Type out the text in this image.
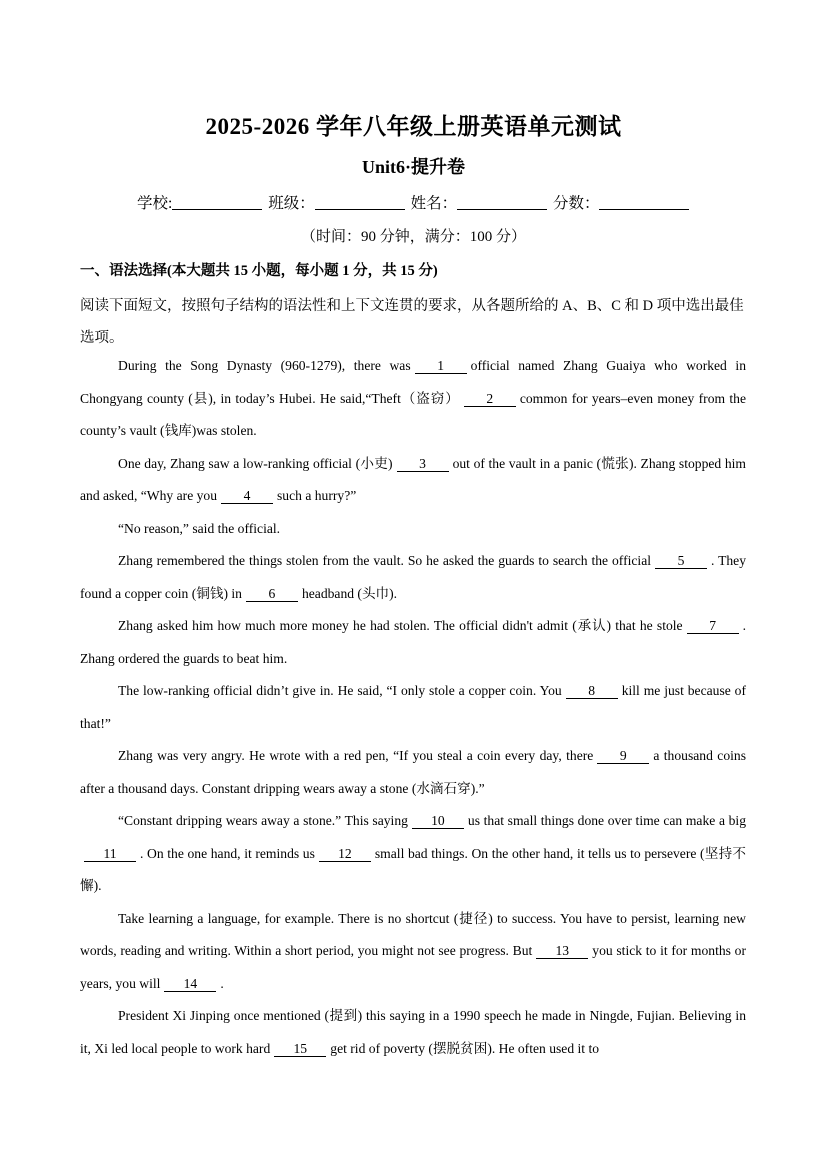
2025-2026 学年八年级上册英语单元测试
Unit6·提升卷
学校:	班级：	姓名：	分数：
（时间：90 分钟，满分：100 分）
一、语法选择(本大题共 15 小题，每小题 1 分，共 15 分)
阅读下面短文，按照句子结构的语法性和上下文连贯的要求，从各题所给的 A、B、C 和 D 项中选出最佳选项。

During the Song Dynasty (960-1279), there was 1 official named Zhang Guaiya who worked in Chongyang county (县), in today’s Hubei. He said,“Theft（盗窃） 2 common for years–even money from the county’s vault (钱库)was stolen.

One day, Zhang saw a low-ranking official (小吏) 3 out of the vault in a panic (慌张). Zhang stopped him and asked, “Why are you 4 such a hurry?”

“No reason,” said the official.

Zhang remembered the things stolen from the vault. So he asked the guards to search the official 5 . They found a copper coin (铜钱) in 6 headband (头巾).

Zhang asked him how much more money he had stolen. The official didn't admit (承认) that he stole 7 . Zhang ordered the guards to beat him.

The low-ranking official didn’t give in. He said, “I only stole a copper coin. You 8 kill me just because of that!”

Zhang was very angry. He wrote with a red pen, “If you steal a coin every day, there 9 a thousand coins after a thousand days. Constant dripping wears away a stone (水滴石穿).”

“Constant dripping wears away a stone.” This saying 10 us that small things done over time can make a big11 . On the one hand, it reminds us 12 small bad things. On the other hand, it tells us to persevere (坚持不懈).

Take learning a language, for example. There is no shortcut (捷径) to success. You have to persist, learning new words, reading and writing. Within a short period, you might not see progress. But 13 you stick to it for months or years, you will 14 .

President Xi Jinping once mentioned (提到) this saying in a 1990 speech he made in Ningde, Fujian. Believing in it, Xi led local people to work hard 15 get rid of poverty (摆脱贫困). He often used it to
